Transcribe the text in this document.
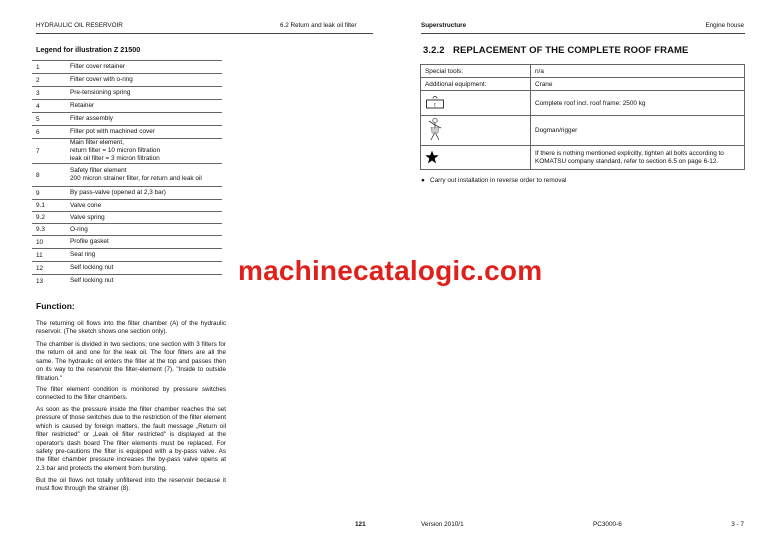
HYDRAULIC OIL RESERVOIR	6.2 Return and leak oil filter	Superstructure	Engine house
Legend for illustration Z 21500
1	Filter cover retainer

2	Filter cover with o-ring

3	Pre-tensioning spring

4	Retainer

5	Filter assembly

6	Filter pot with machined cover

7	Main filter element,
return filter = 10 micron filtration
leak oil filter = 3 micron filtration

8	Safety filter element
200 micron strainer filter, for return and leak oil

9	By pass-valve (opened at 2,3 bar)

9.1	Valve cone

9.2	Valve spring

9.3	O-ring

10	Profile gasket

11	Seal ring

12	Self locking nut

13	Self locking nut	machinecatalogic.com
Function:
The returning oil flows into the filter chamber (A) of the hydraulic reservoir. (The sketch shows one section only).
The chamber is divided in two sections; one section with 3 filters for the return oil and one for the leak oil. The four filters are all the same. The hydraulic oil enters the filter at the top and passes then on its way to the reservoir the filter-element (7). "Inside to outside filtration."
The filter element condition is monitored by pressure switches connected to the filter chambers.
As soon as the pressure inside the filter chamber reaches the set pressure of those switches due to the restriction of the filter element which is caused by foreign matters, the fault message „Return oil filter restricted" or „Leak oil filter restricted" is displayed at the operator's dash board The filter elements must be replaced. For safety pre-cautions the filter is equipped with a by-pass valve. As the filter chamber pressure increases the by-pass valve opens at 2.3 bar and protects the element from bursting.
But the oil flows not totally unfiltered into the reservoir because it must flow through the strainer (8).
3.2.2 REPLACEMENT OF THE COMPLETE ROOF FRAME
Special tools:	n/a
Additional equipment:	Crane

t	Complete roof incl. roof frame: 2500 kg
	Dogman/rigger
	If there is nothing mentioned explicitly, tighten all bolts according to KOMATSU company standard, refer to section 6.5 on page 6-12.
● Carry out installation in reverse order to removal
121	Version 2010/1	PC3000-6	3 - 7
